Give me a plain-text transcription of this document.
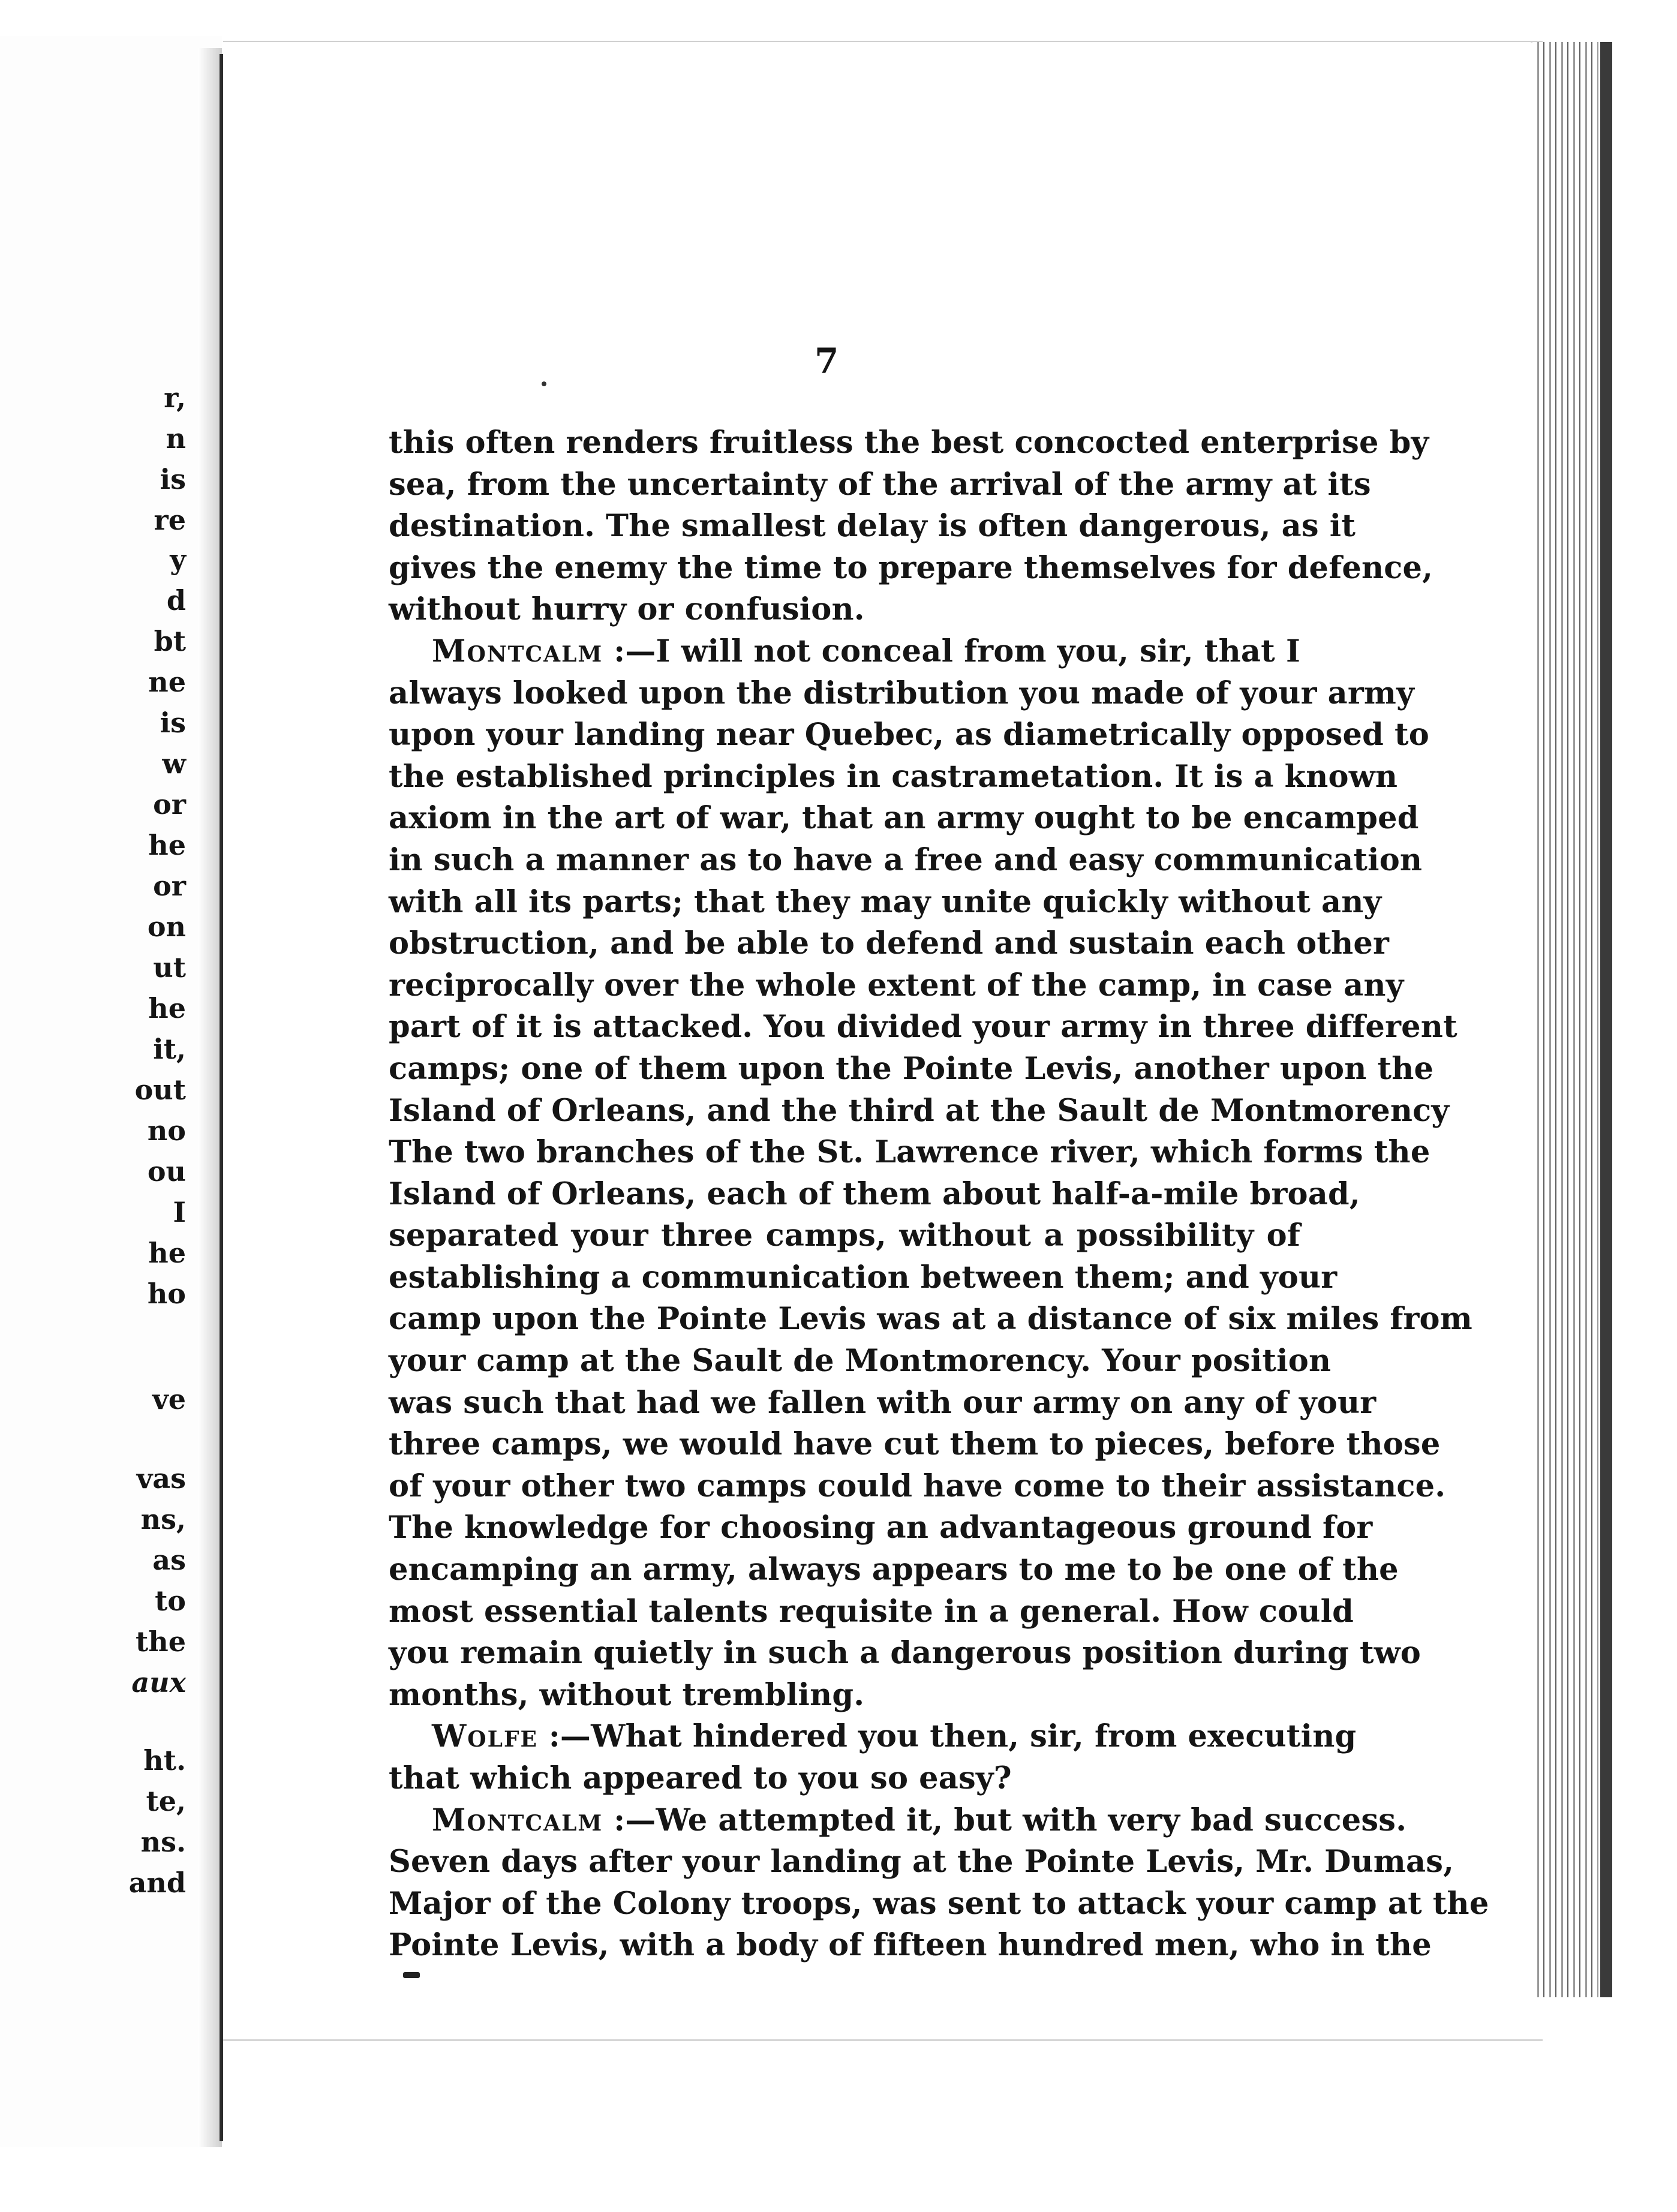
r,
n
is
re
y
d
bt
ne
is
w
or
he
or
on
ut
he
it,
out
no
ou
I
he
ho
ve
vas
ns,
as
to
the
aux
ht.
te,
ns.
and
7
this often renders fruitless the best concocted enterprise by
sea, from the uncertainty of the arrival of the army at its
destination. The smallest delay is often dangerous, as it
gives the enemy the time to prepare themselves for defence,
without hurry or confusion.
Montcalm :—I will not conceal from you, sir, that I
always looked upon the distribution you made of your army
upon your landing near Quebec, as diametrically opposed to
the established principles in castrametation. It is a known
axiom in the art of war, that an army ought to be encamped
in such a manner as to have a free and easy communication
with all its parts; that they may unite quickly without any
obstruction, and be able to defend and sustain each other
reciprocally over the whole extent of the camp, in case any
part of it is attacked. You divided your army in three different
camps; one of them upon the Pointe Levis, another upon the
Island of Orleans, and the third at the Sault de Montmorency
The two branches of the St. Lawrence river, which forms the
Island of Orleans, each of them about half-a-mile broad,
separated your three camps, without a possibility of
establishing a communication between them; and your
camp upon the Pointe Levis was at a distance of six miles from
your camp at the Sault de Montmorency. Your position
was such that had we fallen with our army on any of your
three camps, we would have cut them to pieces, before those
of your other two camps could have come to their assistance.
The knowledge for choosing an advantageous ground for
encamping an army, always appears to me to be one of the
most essential talents requisite in a general. How could
you remain quietly in such a dangerous position during two
months, without trembling.
Wolfe :—What hindered you then, sir, from executing
that which appeared to you so easy?
Montcalm :—We attempted it, but with very bad success.
Seven days after your landing at the Pointe Levis, Mr. Dumas,
Major of the Colony troops, was sent to attack your camp at the
Pointe Levis, with a body of fifteen hundred men, who in the
